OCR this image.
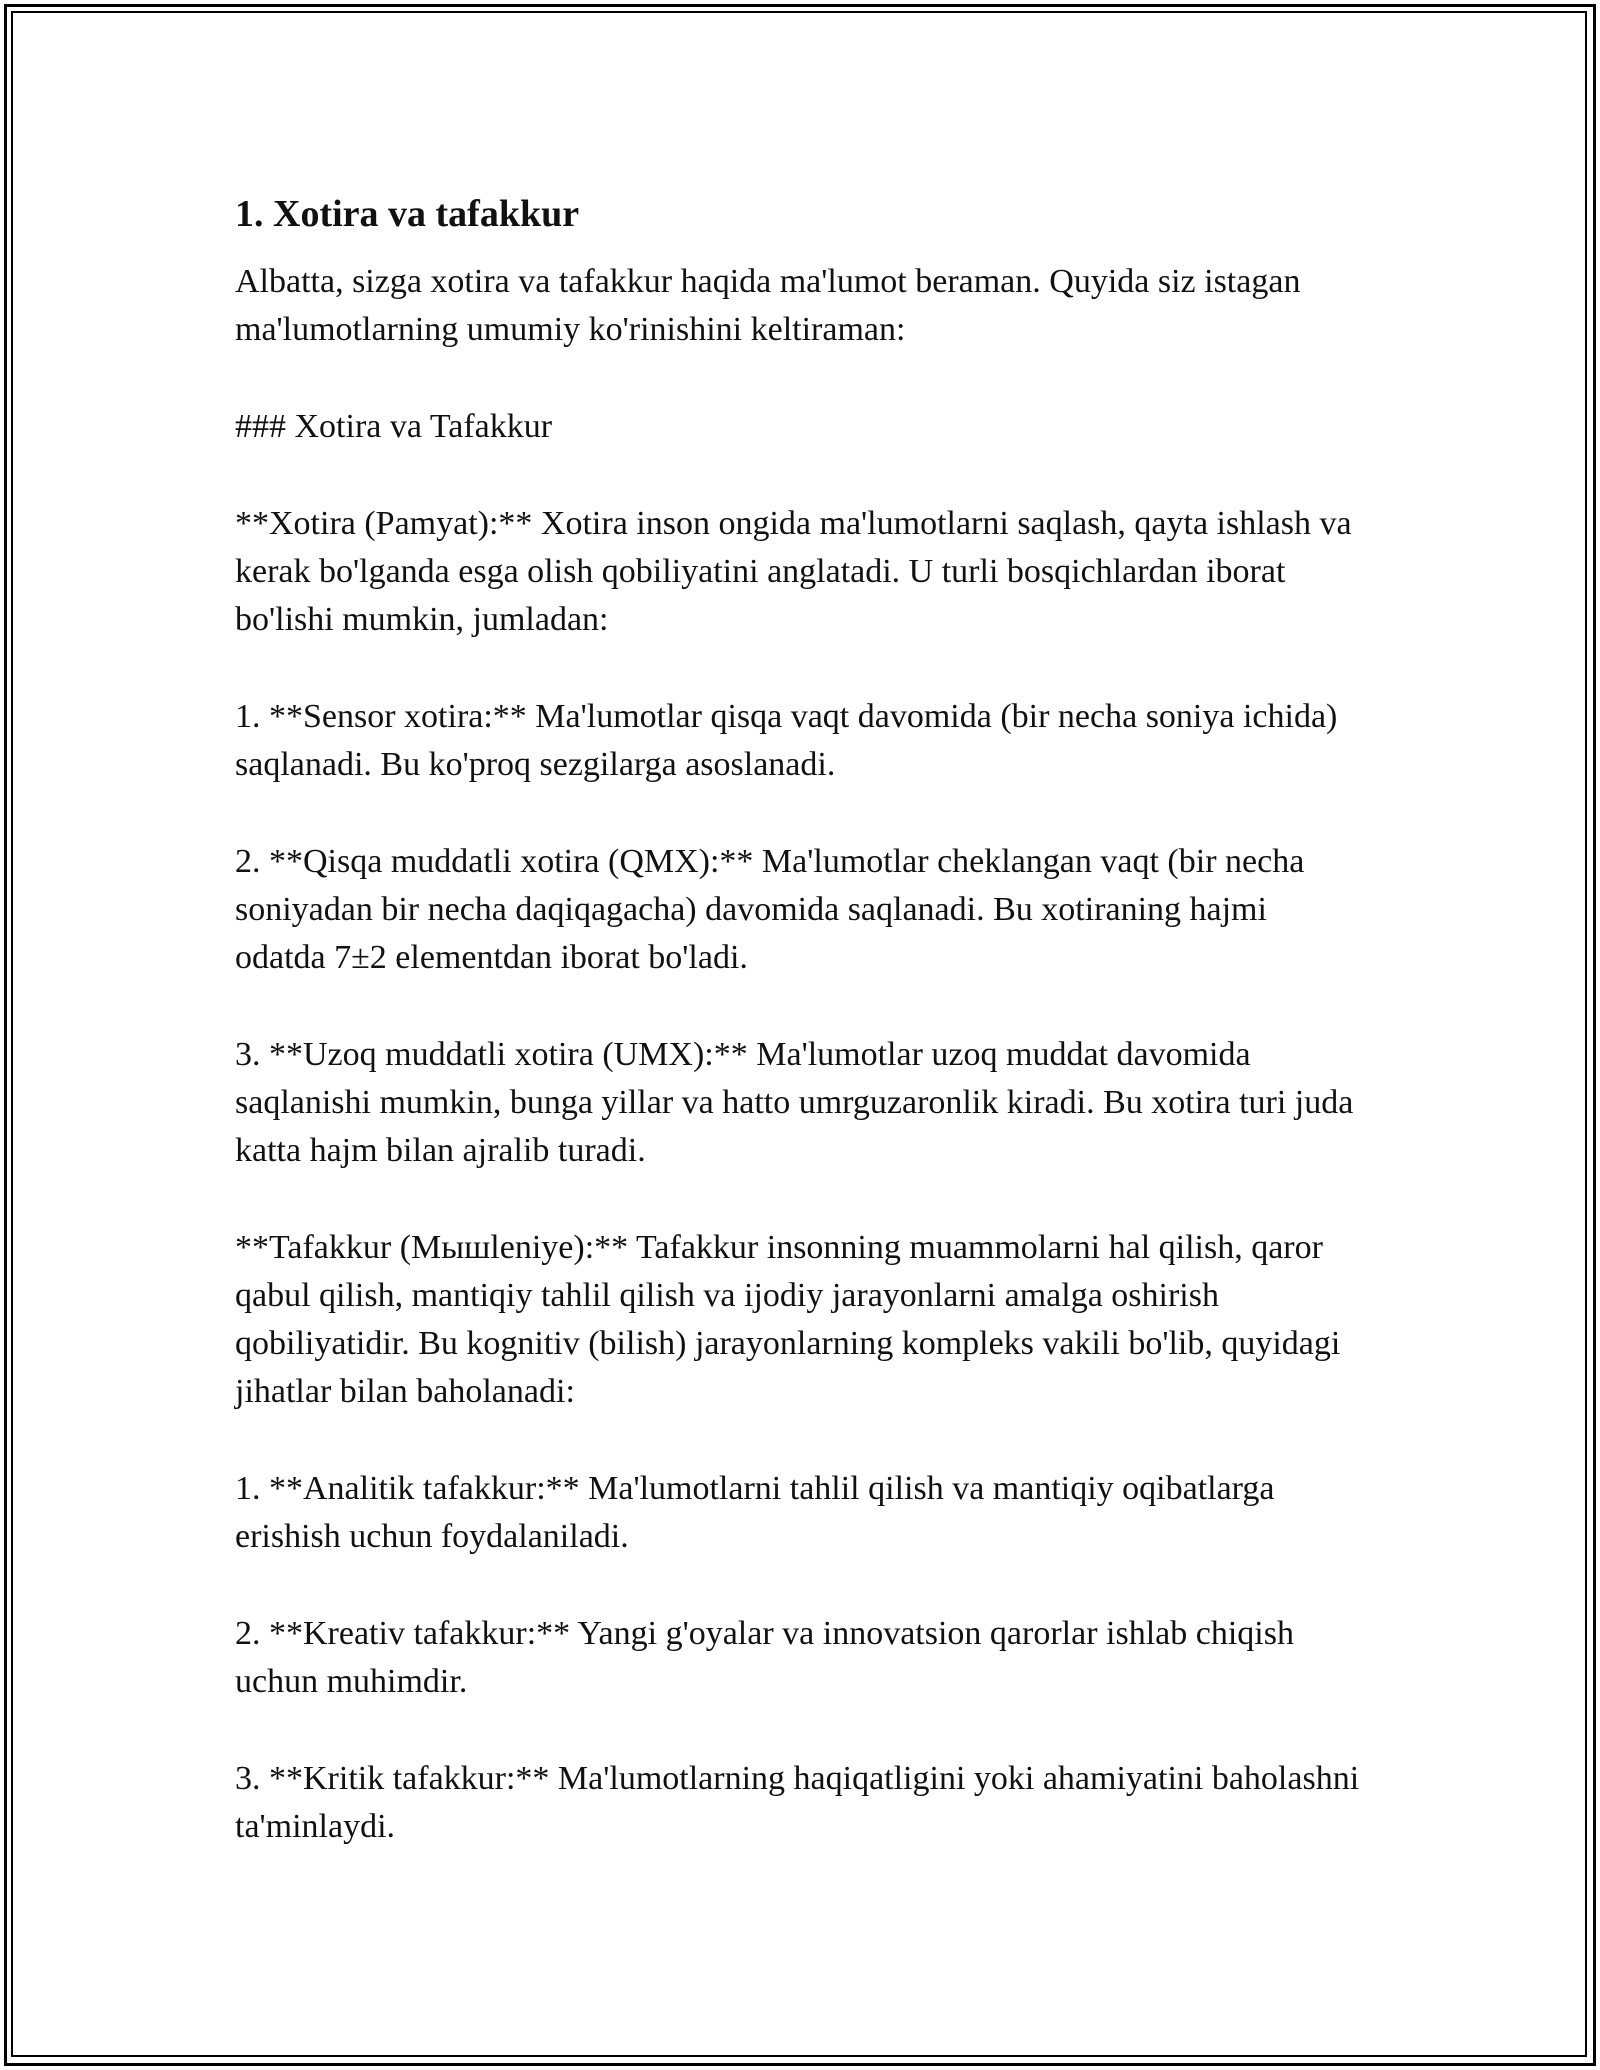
1. Xotira va tafakkur

Albatta, sizga xotira va tafakkur haqida ma'lumot beraman. Quyida siz istagan ma'lumotlarning umumiy ko'rinishini keltiraman:

### Xotira va Tafakkur

**Xotira (Pamyat):** Xotira inson ongida ma'lumotlarni saqlash, qayta ishlash va kerak bo'lganda esga olish qobiliyatini anglatadi. U turli bosqichlardan iborat bo'lishi mumkin, jumladan:

1. **Sensor xotira:** Ma'lumotlar qisqa vaqt davomida (bir necha soniya ichida) saqlanadi. Bu ko'proq sezgilarga asoslanadi.

2. **Qisqa muddatli xotira (QMX):** Ma'lumotlar cheklangan vaqt (bir necha soniyadan bir necha daqiqagacha) davomida saqlanadi. Bu xotiraning hajmi odatda 7±2 elementdan iborat bo'ladi.

3. **Uzoq muddatli xotira (UMX):** Ma'lumotlar uzoq muddat davomida saqlanishi mumkin, bunga yillar va hatto umrguzaronlik kiradi. Bu xotira turi juda katta hajm bilan ajralib turadi.

**Tafakkur (Мышleniye):** Tafakkur insonning muammolarni hal qilish, qaror qabul qilish, mantiqiy tahlil qilish va ijodiy jarayonlarni amalga oshirish qobiliyatidir. Bu kognitiv (bilish) jarayonlarning kompleks vakili bo'lib, quyidagi jihatlar bilan baholanadi:

1. **Analitik tafakkur:** Ma'lumotlarni tahlil qilish va mantiqiy oqibatlarga erishish uchun foydalaniladi.

2. **Kreativ tafakkur:** Yangi g'oyalar va innovatsion qarorlar ishlab chiqish uchun muhimdir.

3. **Kritik tafakkur:** Ma'lumotlarning haqiqatligini yoki ahamiyatini baholashni ta'minlaydi.
